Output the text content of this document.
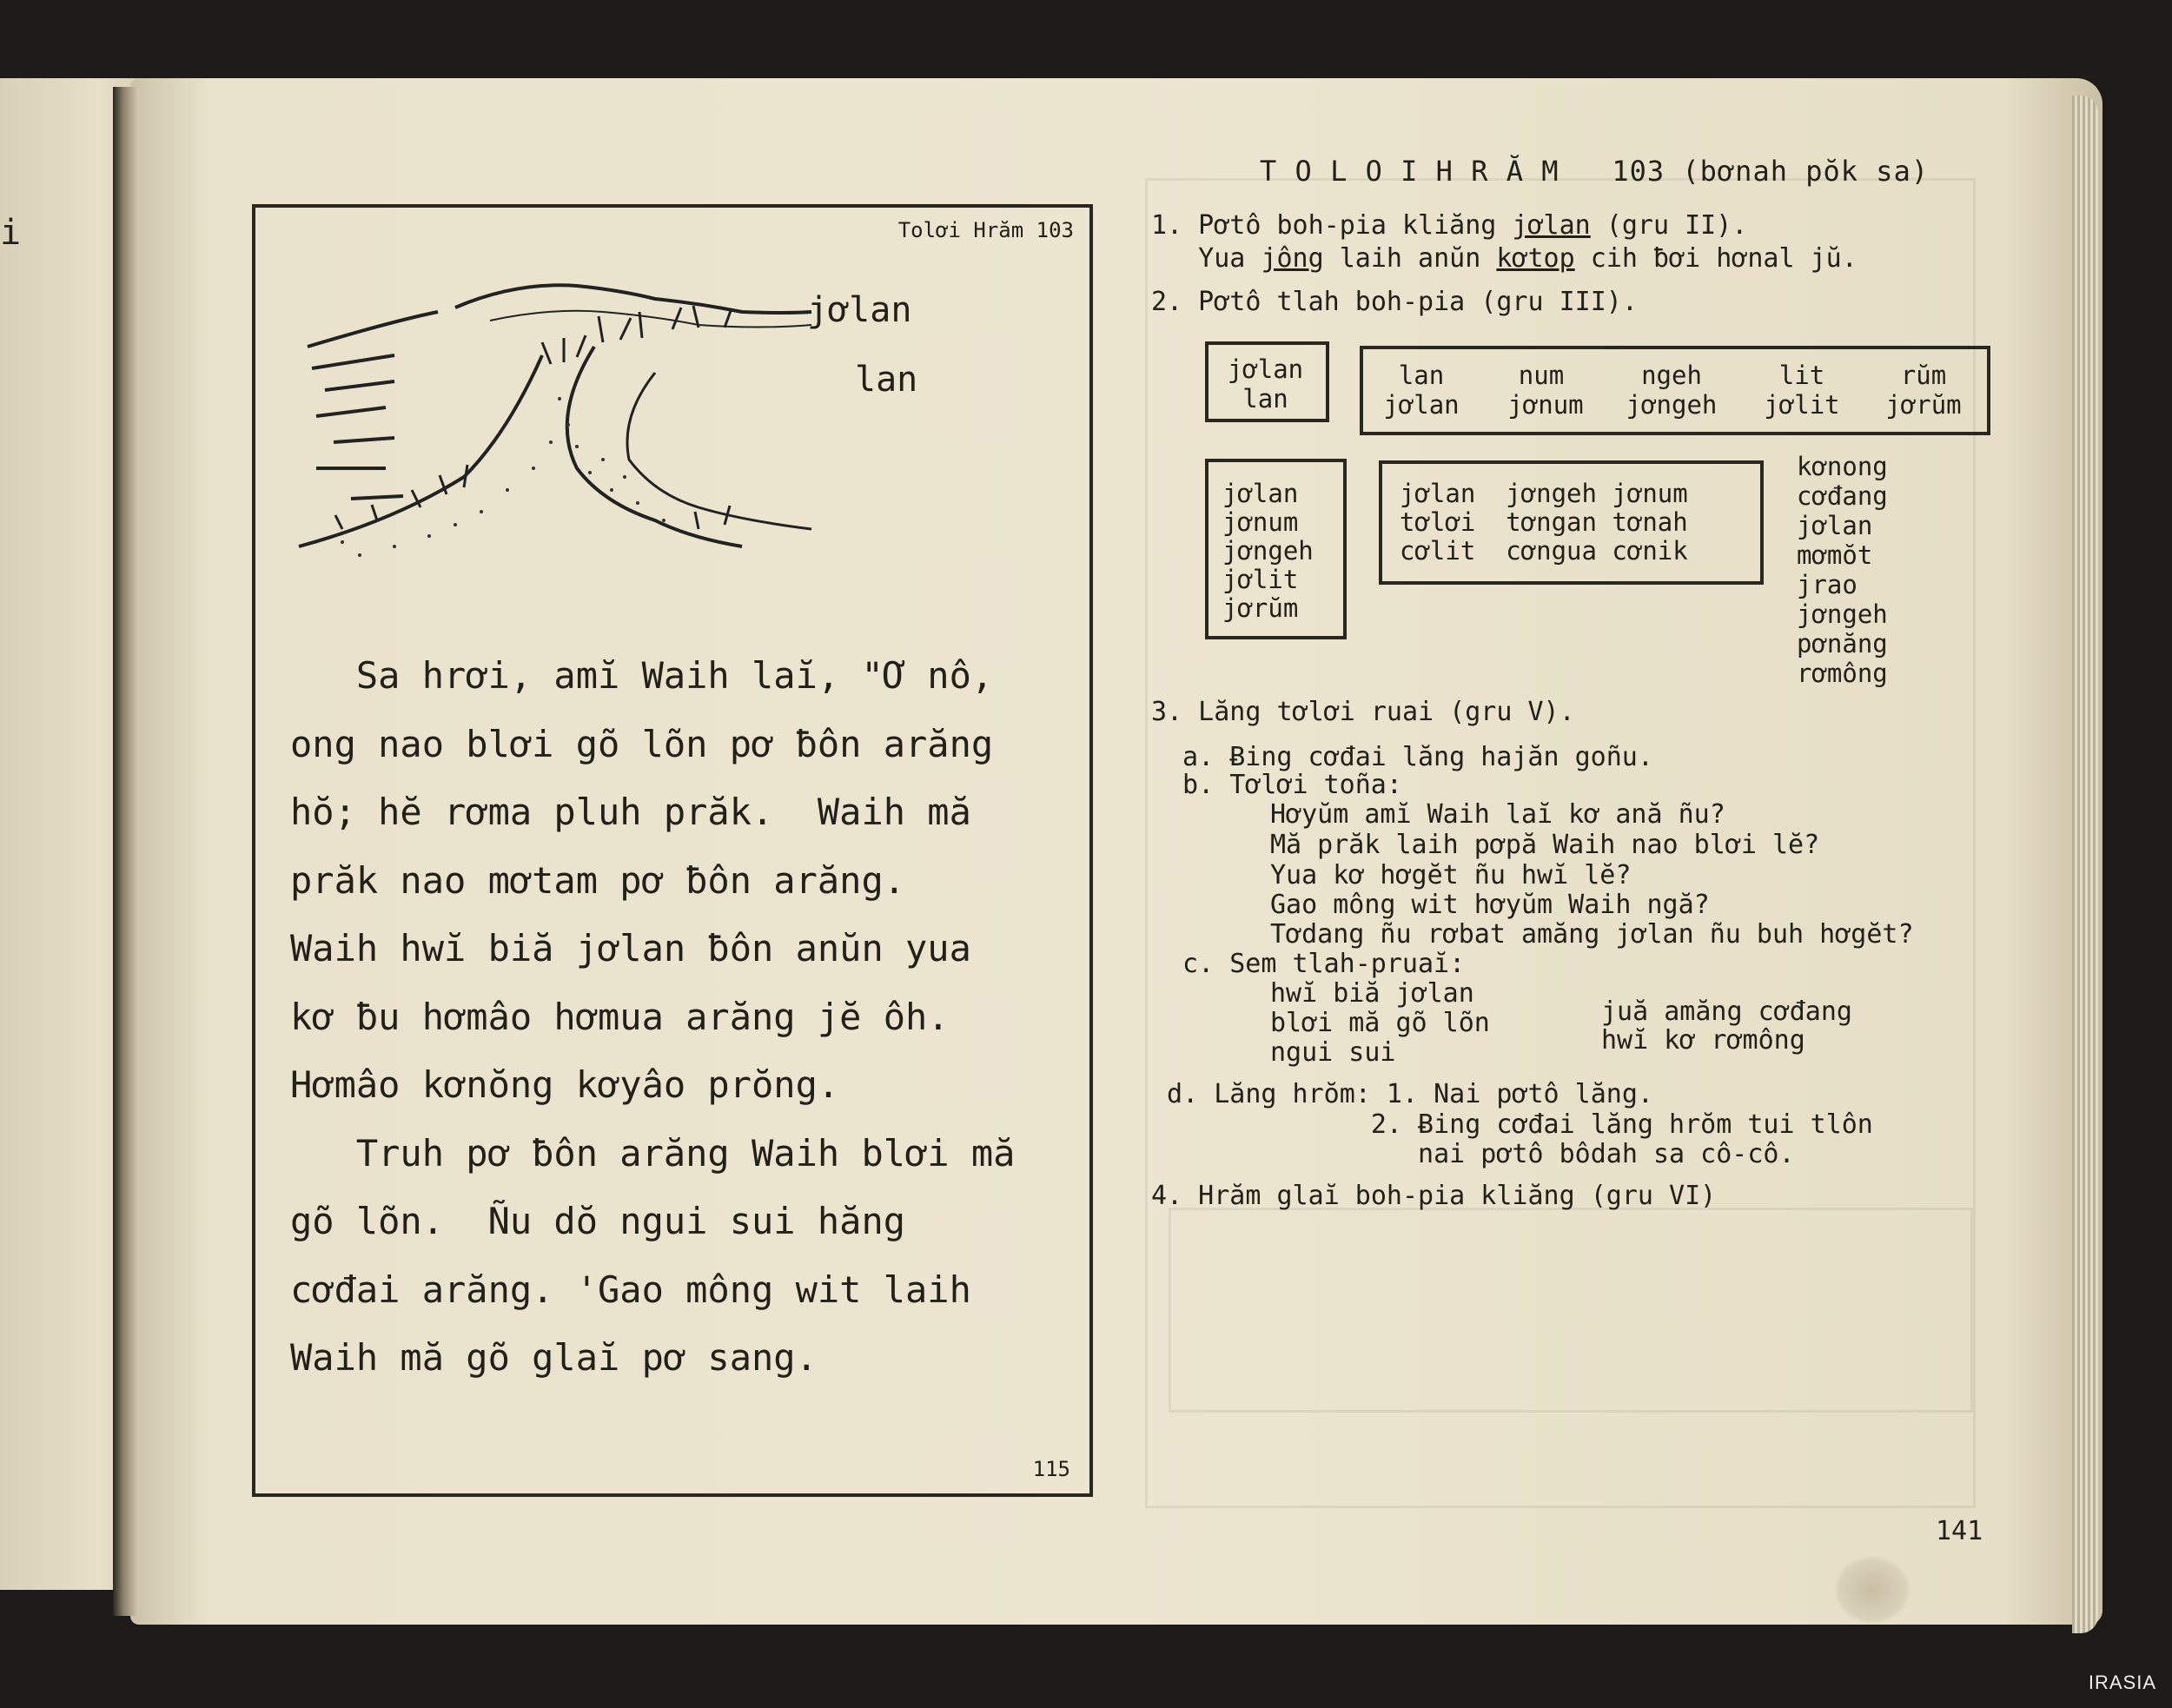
i	Tolơi Hrăm 103
jơlan
lan

Sa hrơi, amĭ Waih laĭ, "Ơ nô,

ong nao blơi gõ lõn pơ ƀôn arăng

hŏ; hĕ rơma pluh prăk.  Waih mă

prăk nao mơtam pơ ƀôn arăng.

Waih hwĭ biă jơlan ƀôn anŭn yua

kơ ƀu hơmâo hơmua arăng jĕ ôh.

Hơmâo kơnŏng kơyâo prŏng.

Truh pơ ƀôn arăng Waih blơi mă

gõ lõn.  Ñu dŏ ngui sui hăng

cơđai arăng. 'Gao mông wit laih

Waih mă gõ glaĭ pơ sang.

115
T O L O I H R Ă M 103 (bơnah pŏk sa)
1. Pơtô boh-pia kliăng jơlan (gru II).
Yua jông laih anŭn kơtop cih ƀơi hơnal jŭ.
2. Pơtô tlah boh-pia (gru III).
jơlan
lan
lan	num	ngeh	lit	rŭm
jơlan	jơnum	jơngeh	jơlit	jơrŭm
jơlan
jơnum
jơngeh
jơlit
jơrŭm
jơlan  jơngeh jơnum
tơlơi  tơngan tơnah
cơlit  cơngua cơnik
kơnong
cơđang
jơlan
mơmŏt
jrao
jơngeh
pơnăng
rơmông
3. Lăng tơlơi ruai (gru V).
a. Ƀing cơđai lăng hajăn goñu.
b. Tơlơi toña:
Hơyŭm amĭ Waih laĭ kơ ană ñu?
Mă prăk laih pơpă Waih nao blơi lĕ?
Yua kơ hơgĕt ñu hwĭ lĕ?
Gao mông wit hơyŭm Waih ngă?
Tơdang ñu rơbat amăng jơlan ñu buh hơgĕt?
c. Sem tlah-pruaĭ:
hwĭ biă jơlan
blơi mă gõ lõn
ngui sui
juă amăng cơđang
hwĭ kơ rơmông
d. Lăng hrŏm: 1. Nai pơtô lăng.
2. Ƀing cơđai lăng hrŏm tui tlôn
nai pơtô bôdah sa cô-cô.
4. Hrăm glaĭ boh-pia kliăng (gru VI)
141
IRASIA
